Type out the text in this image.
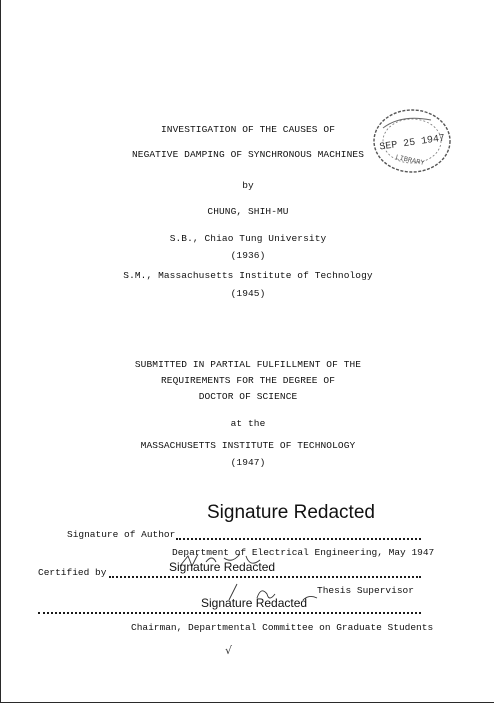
SEP 25 1947
LIBRARY
INVESTIGATION OF THE CAUSES OF
NEGATIVE DAMPING OF SYNCHRONOUS MACHINES
by
CHUNG, SHIH-MU
S.B., Chiao Tung University
(1936)
S.M., Massachusetts Institute of Technology
(1945)
SUBMITTED IN PARTIAL FULFILLMENT OF THE
REQUIREMENTS FOR THE DEGREE OF
DOCTOR OF SCIENCE
at the
MASSACHUSETTS INSTITUTE OF TECHNOLOGY
(1947)
Signature Redacted
Signature of Author
Department of Electrical Engineering, May 1947
Certified by	Signature Redacted
Thesis Supervisor
Signature Redacted
Chairman, Departmental Committee on Graduate Students
√
